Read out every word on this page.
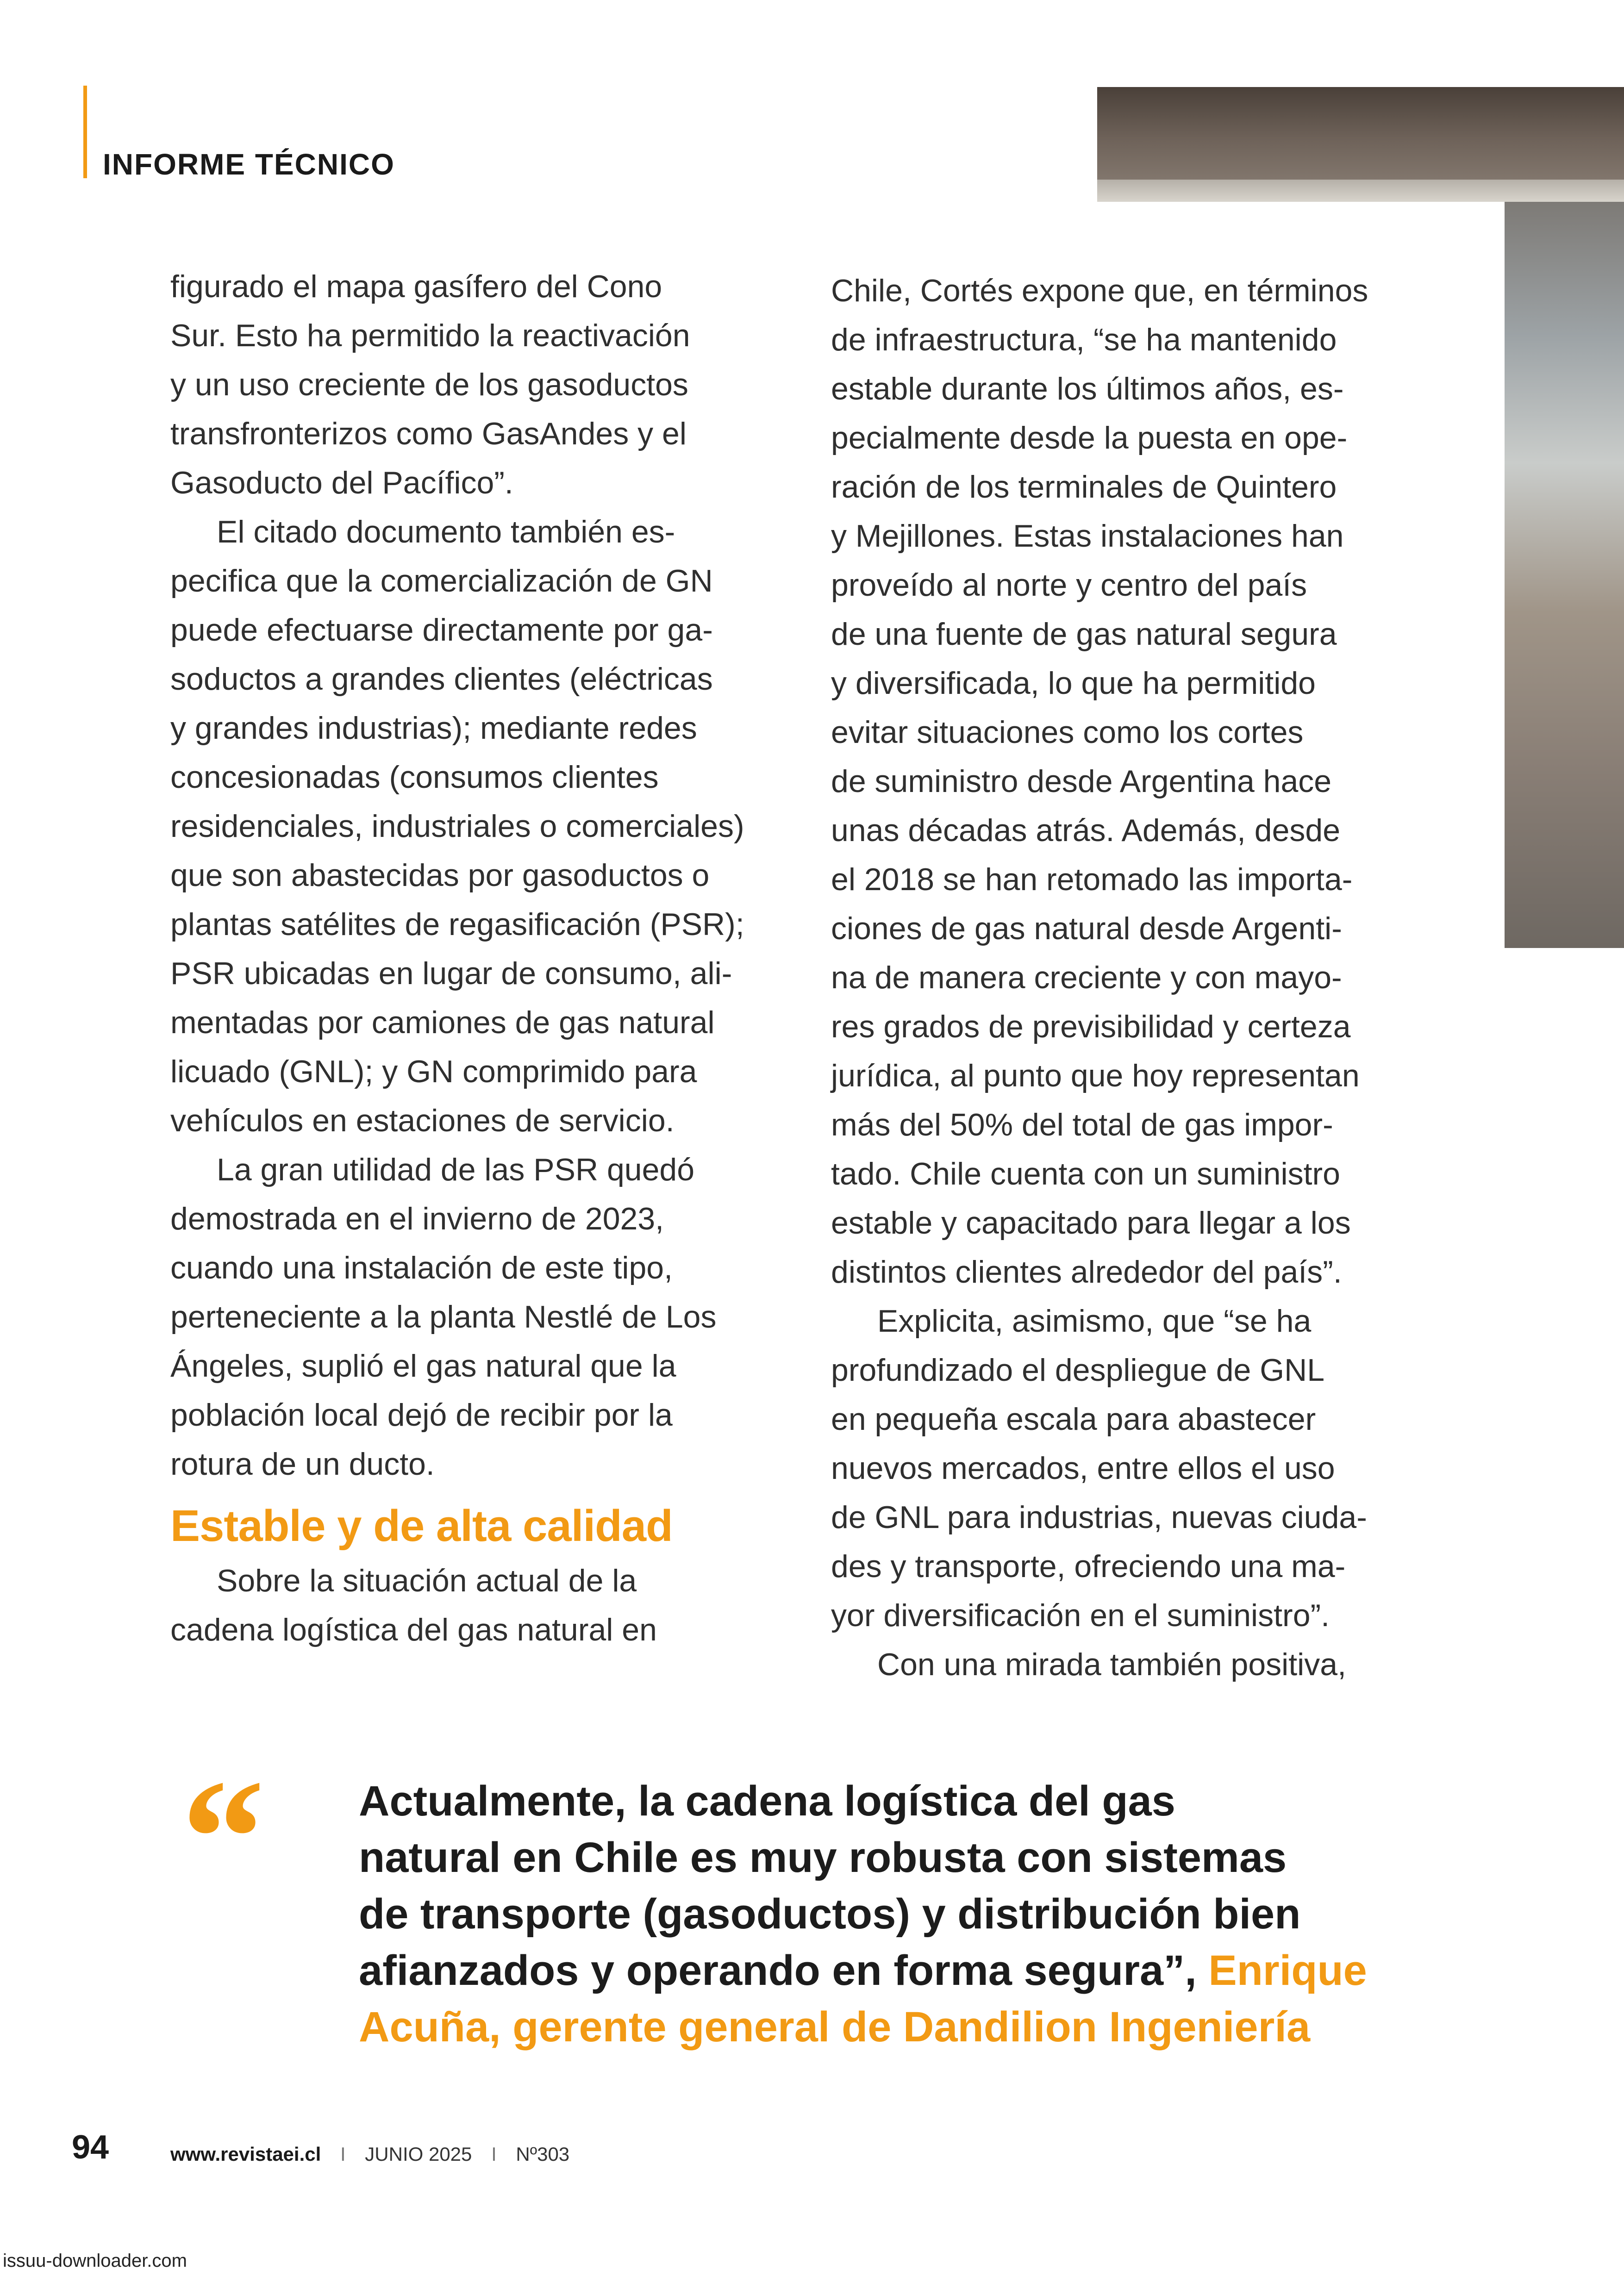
INFORME TÉCNICO

figurado el mapa gasífero del Cono
Sur. Esto ha permitido la reactivación
y un uso creciente de los gasoductos
transfronterizos como GasAndes y el
Gasoducto del Pacífico”.

El citado documento también es-
pecifica que la comercialización de GN
puede efectuarse directamente por ga-
soductos a grandes clientes (eléctricas
y grandes industrias); mediante redes
concesionadas (consumos clientes
residenciales, industriales o comerciales)
que son abastecidas por gasoductos o
plantas satélites de regasificación (PSR);
PSR ubicadas en lugar de consumo, ali-
mentadas por camiones de gas natural
licuado (GNL); y GN comprimido para
vehículos en estaciones de servicio.

La gran utilidad de las PSR quedó
demostrada en el invierno de 2023,
cuando una instalación de este tipo,
perteneciente a la planta Nestlé de Los
Ángeles, suplió el gas natural que la
población local dejó de recibir por la
rotura de un ducto.

Estable y de alta calidad

Sobre la situación actual de la
cadena logística del gas natural en

Chile, Cortés expone que, en términos
de infraestructura, “se ha mantenido
estable durante los últimos años, es-
pecialmente desde la puesta en ope-
ración de los terminales de Quintero
y Mejillones. Estas instalaciones han
proveído al norte y centro del país
de una fuente de gas natural segura
y diversificada, lo que ha permitido
evitar situaciones como los cortes
de suministro desde Argentina hace
unas décadas atrás. Además, desde
el 2018 se han retomado las importa-
ciones de gas natural desde Argenti-
na de manera creciente y con mayo-
res grados de previsibilidad y certeza
jurídica, al punto que hoy representan
más del 50% del total de gas impor-
tado. Chile cuenta con un suministro
estable y capacitado para llegar a los
distintos clientes alrededor del país”.

Explicita, asimismo, que “se ha
profundizado el despliegue de GNL
en pequeña escala para abastecer
nuevos mercados, entre ellos el uso
de GNL para industrias, nuevas ciuda-
des y transporte, ofreciendo una ma-
yor diversificación en el suministro”.

Con una mirada también positiva,

“ Actualmente, la cadena logística del gas
natural en Chile es muy robusta con sistemas
de transporte (gasoductos) y distribución bien
afianzados y operando en forma segura”, Enrique
Acuña, gerente general de Dandilion Ingeniería
94	www.revistaei.cl I JUNIO 2025 I Nº303
issuu-downloader.com
